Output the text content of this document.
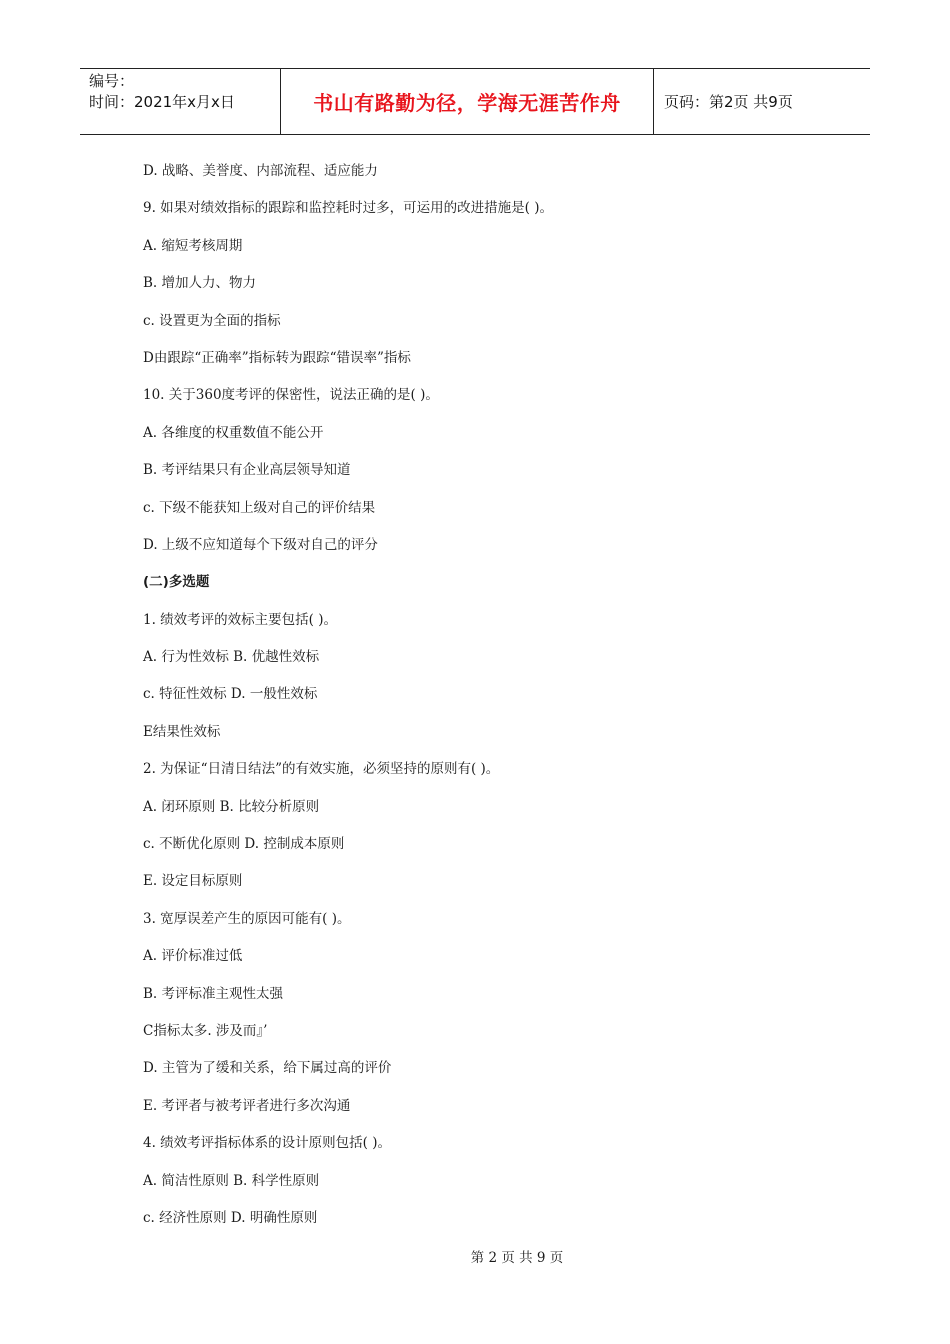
编号：
时间：2021年x月x日	书山有路勤为径，学海无涯苦作舟	页码：第2页 共9页
D. 战略、美誉度、内部流程、适应能力
9. 如果对绩效指标的跟踪和监控耗时过多，可运用的改进措施是( )。
A. 缩短考核周期
B. 增加人力、物力
c. 设置更为全面的指标
D由跟踪“正确率”指标转为跟踪“错误率”指标
10. 关于360度考评的保密性，说法正确的是( )。
A. 各维度的权重数值不能公开
B. 考评结果只有企业高层领导知道
c. 下级不能获知上级对自己的评价结果
D. 上级不应知道每个下级对自己的评分
(二)多选题
1. 绩效考评的效标主要包括( )。
A. 行为性效标 B. 优越性效标
c. 特征性效标 D. 一般性效标
E结果性效标
2. 为保证“日清日结法”的有效实施，必须坚持的原则有( )。
A. 闭环原则 B. 比较分析原则
c. 不断优化原则 D. 控制成本原则
E. 设定目标原则
3. 宽厚误差产生的原因可能有( )。
A. 评价标准过低
B. 考评标准主观性太强
C指标太多. 涉及而』’
D. 主管为了缓和关系，给下属过高的评价
E. 考评者与被考评者进行多次沟通
4. 绩效考评指标体系的设计原则包括( )。
A. 简洁性原则 B. 科学性原则
c. 经济性原则 D. 明确性原则
第 2 页 共 9 页
